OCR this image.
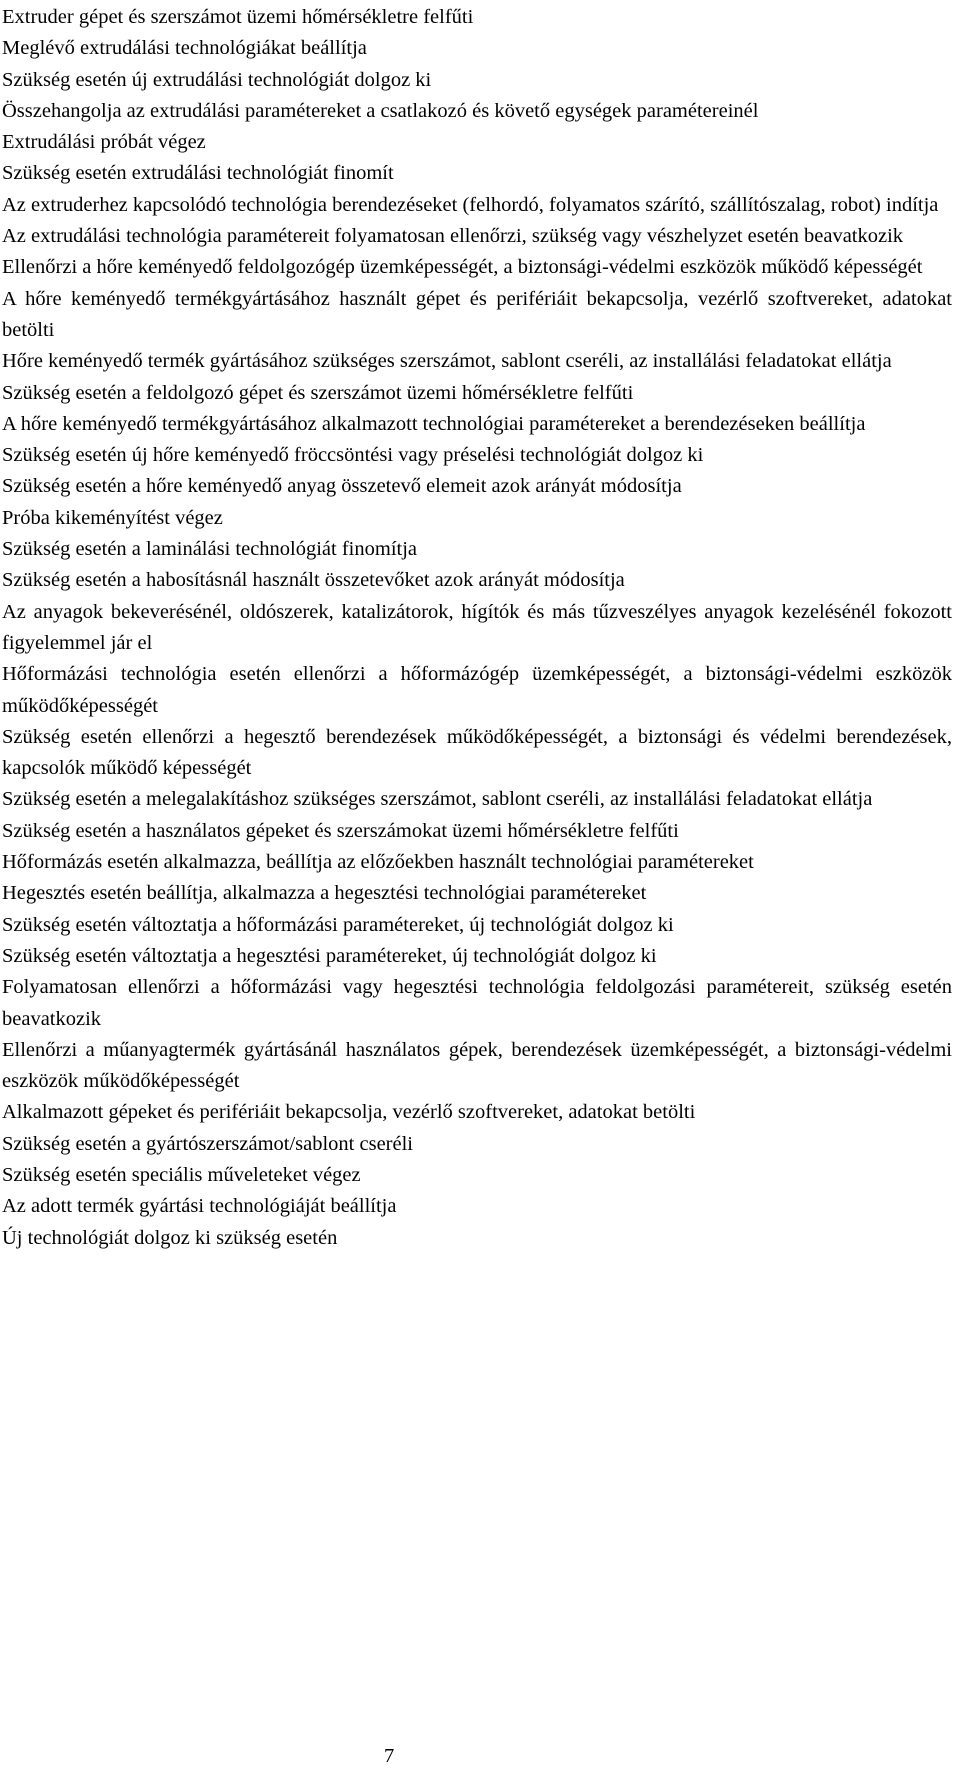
Extruder gépet és szerszámot üzemi hőmérsékletre felfűti

Meglévő extrudálási technológiákat beállítja

Szükség esetén új extrudálási technológiát dolgoz ki

Összehangolja az extrudálási paramétereket a csatlakozó és követő egységek paramétereinél

Extrudálási próbát végez

Szükség esetén extrudálási technológiát finomít

Az extruderhez kapcsolódó technológia berendezéseket (felhordó, folyamatos szárító, szállítószalag, robot) indítja

Az extrudálási technológia paramétereit folyamatosan ellenőrzi, szükség vagy vészhelyzet esetén beavatkozik

Ellenőrzi a hőre keményedő feldolgozógép üzemképességét, a biztonsági-védelmi eszközök működő képességét

A hőre keményedő termékgyártásához használt gépet és perifériáit bekapcsolja, vezérlő szoftvereket, adatokat betölti

Hőre keményedő termék gyártásához szükséges szerszámot, sablont cseréli, az installálási feladatokat ellátja

Szükség esetén a feldolgozó gépet és szerszámot üzemi hőmérsékletre felfűti

A hőre keményedő termékgyártásához alkalmazott technológiai paramétereket a berendezéseken beállítja

Szükség esetén új hőre keményedő fröccsöntési vagy préselési technológiát dolgoz ki

Szükség esetén a hőre keményedő anyag összetevő elemeit azok arányát módosítja

Próba kikeményítést végez

Szükség esetén a laminálási technológiát finomítja

Szükség esetén a habosításnál használt összetevőket azok arányát módosítja

Az anyagok bekeverésénél, oldószerek, katalizátorok, hígítók és más tűzveszélyes anyagok kezelésénél fokozott figyelemmel jár el

Hőformázási technológia esetén ellenőrzi a hőformázógép üzemképességét, a biztonsági-védelmi eszközök működőképességét

Szükség esetén ellenőrzi a hegesztő berendezések működőképességét, a biztonsági és védelmi berendezések, kapcsolók működő képességét

Szükség esetén a melegalakításhoz szükséges szerszámot, sablont cseréli, az installálási feladatokat ellátja

Szükség esetén a használatos gépeket és szerszámokat üzemi hőmérsékletre felfűti

Hőformázás esetén alkalmazza, beállítja az előzőekben használt technológiai paramétereket

Hegesztés esetén beállítja, alkalmazza a hegesztési technológiai paramétereket

Szükség esetén változtatja a hőformázási paramétereket, új technológiát dolgoz ki

Szükség esetén változtatja a hegesztési paramétereket, új technológiát dolgoz ki

Folyamatosan ellenőrzi a hőformázási vagy hegesztési technológia feldolgozási paramétereit, szükség esetén beavatkozik

Ellenőrzi a műanyagtermék gyártásánál használatos gépek, berendezések üzemképességét, a biztonsági-védelmi eszközök működőképességét

Alkalmazott gépeket és perifériáit bekapcsolja, vezérlő szoftvereket, adatokat betölti

Szükség esetén a gyártószerszámot/sablont cseréli

Szükség esetén speciális műveleteket végez

Az adott termék gyártási technológiáját beállítja

Új technológiát dolgoz ki szükség esetén

7
